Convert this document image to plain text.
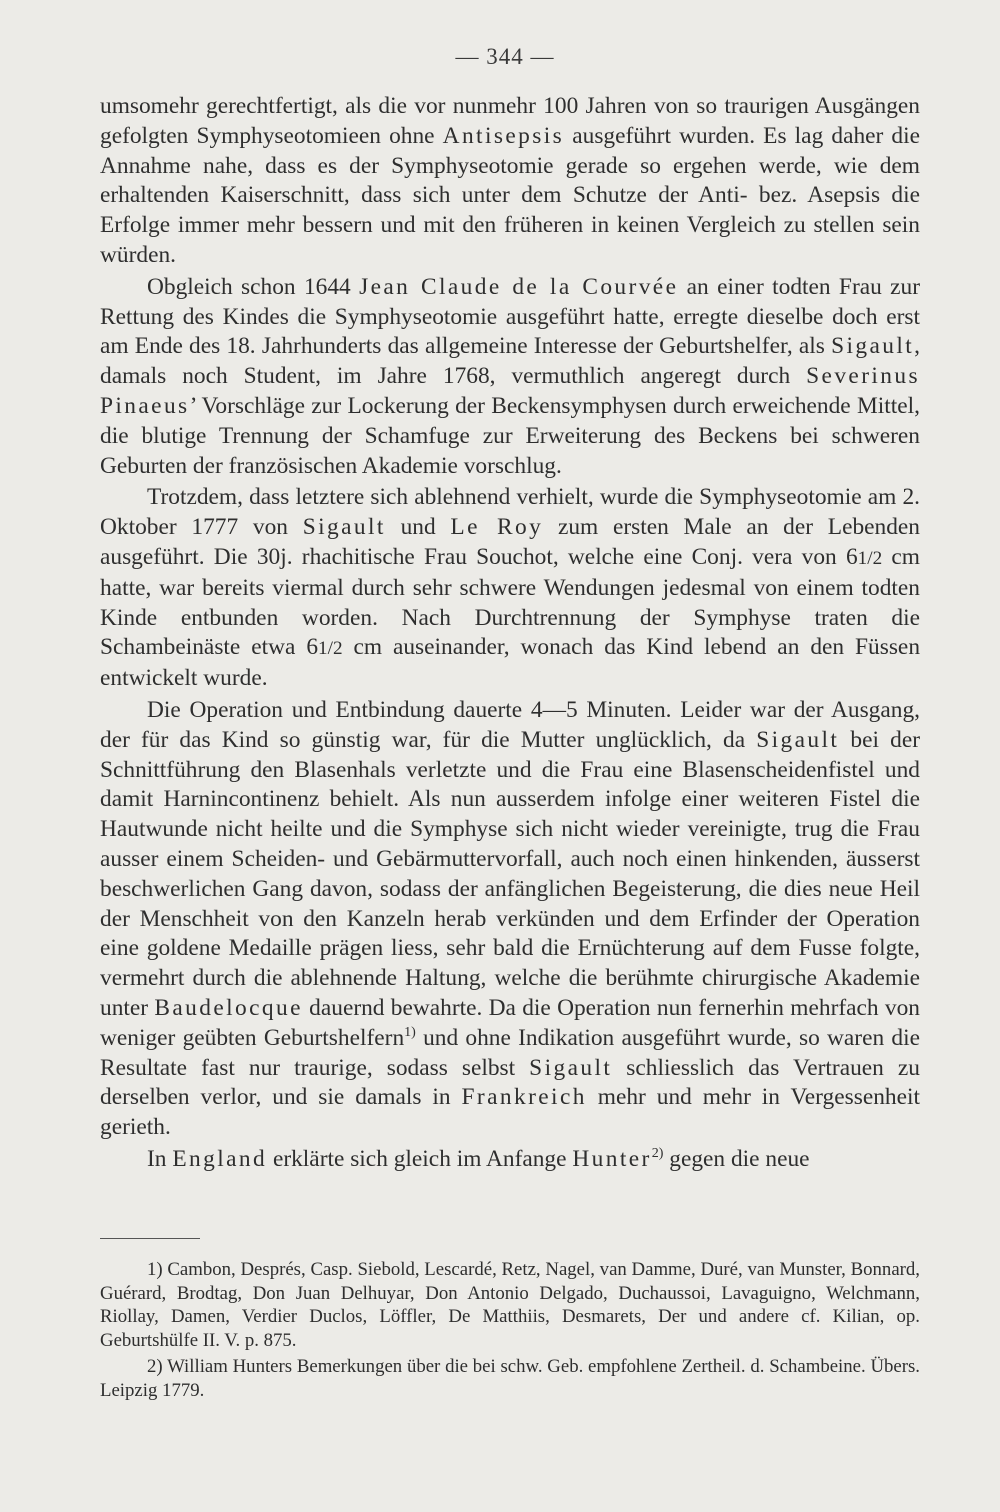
— 344 —

umsomehr gerechtfertigt, als die vor nunmehr 100 Jahren von so traurigen Ausgängen gefolgten Symphyseotomieen ohne Antisepsis ausgeführt wurden. Es lag daher die Annahme nahe, dass es der Symphyseotomie gerade so ergehen werde, wie dem erhaltenden Kaiserschnitt, dass sich unter dem Schutze der Anti- bez. Asepsis die Erfolge immer mehr bessern und mit den früheren in keinen Vergleich zu stellen sein würden.

Obgleich schon 1644 Jean Claude de la Courvée an einer todten Frau zur Rettung des Kindes die Symphyseotomie ausgeführt hatte, erregte dieselbe doch erst am Ende des 18. Jahrhunderts das allgemeine Interesse der Geburtshelfer, als Sigault, damals noch Student, im Jahre 1768, vermuthlich angeregt durch Severinus Pinaeus’ Vorschläge zur Lockerung der Beckensymphysen durch erweichende Mittel, die blutige Trennung der Schamfuge zur Erweiterung des Beckens bei schweren Geburten der französischen Akademie vorschlug.

Trotzdem, dass letztere sich ablehnend verhielt, wurde die Symphyseotomie am 2. Oktober 1777 von Sigault und Le Roy zum ersten Male an der Lebenden ausgeführt. Die 30j. rhachitische Frau Souchot, welche eine Conj. vera von 61/2 cm hatte, war bereits viermal durch sehr schwere Wendungen jedesmal von einem todten Kinde entbunden worden. Nach Durchtrennung der Symphyse traten die Schambeinäste etwa 61/2 cm auseinander, wonach das Kind lebend an den Füssen entwickelt wurde.

Die Operation und Entbindung dauerte 4—5 Minuten. Leider war der Ausgang, der für das Kind so günstig war, für die Mutter unglücklich, da Sigault bei der Schnittführung den Blasenhals verletzte und die Frau eine Blasenscheidenfistel und damit Harnincontinenz behielt. Als nun ausserdem infolge einer weiteren Fistel die Hautwunde nicht heilte und die Symphyse sich nicht wieder vereinigte, trug die Frau ausser einem Scheiden- und Gebärmuttervorfall, auch noch einen hinkenden, äusserst beschwerlichen Gang davon, sodass der anfänglichen Begeisterung, die dies neue Heil der Menschheit von den Kanzeln herab verkünden und dem Erfinder der Operation eine goldene Medaille prägen liess, sehr bald die Ernüchterung auf dem Fusse folgte, vermehrt durch die ablehnende Haltung, welche die berühmte chirurgische Akademie unter Baudelocque dauernd bewahrte. Da die Operation nun fernerhin mehrfach von weniger geübten Geburtshelfern$^{1)}$ und ohne Indikation ausgeführt wurde, so waren die Resultate fast nur traurige, sodass selbst Sigault schliesslich das Vertrauen zu derselben verlor, und sie damals in Frankreich mehr und mehr in Vergessenheit gerieth.

In England erklärte sich gleich im Anfange Hunter$^{2)}$ gegen die neue

1) Cambon, Després, Casp. Siebold, Lescardé, Retz, Nagel, van Damme, Duré, van Munster, Bonnard, Guérard, Brodtag, Don Juan Delhuyar, Don Antonio Delgado, Duchaussoi, Lavaguigno, Welchmann, Riollay, Damen, Verdier Duclos, Löffler, De Matthiis, Desmarets, Der und andere cf. Kilian, op. Geburtshülfe II. V. p. 875.

2) William Hunters Bemerkungen über die bei schw. Geb. empfohlene Zertheil. d. Schambeine. Übers. Leipzig 1779.
